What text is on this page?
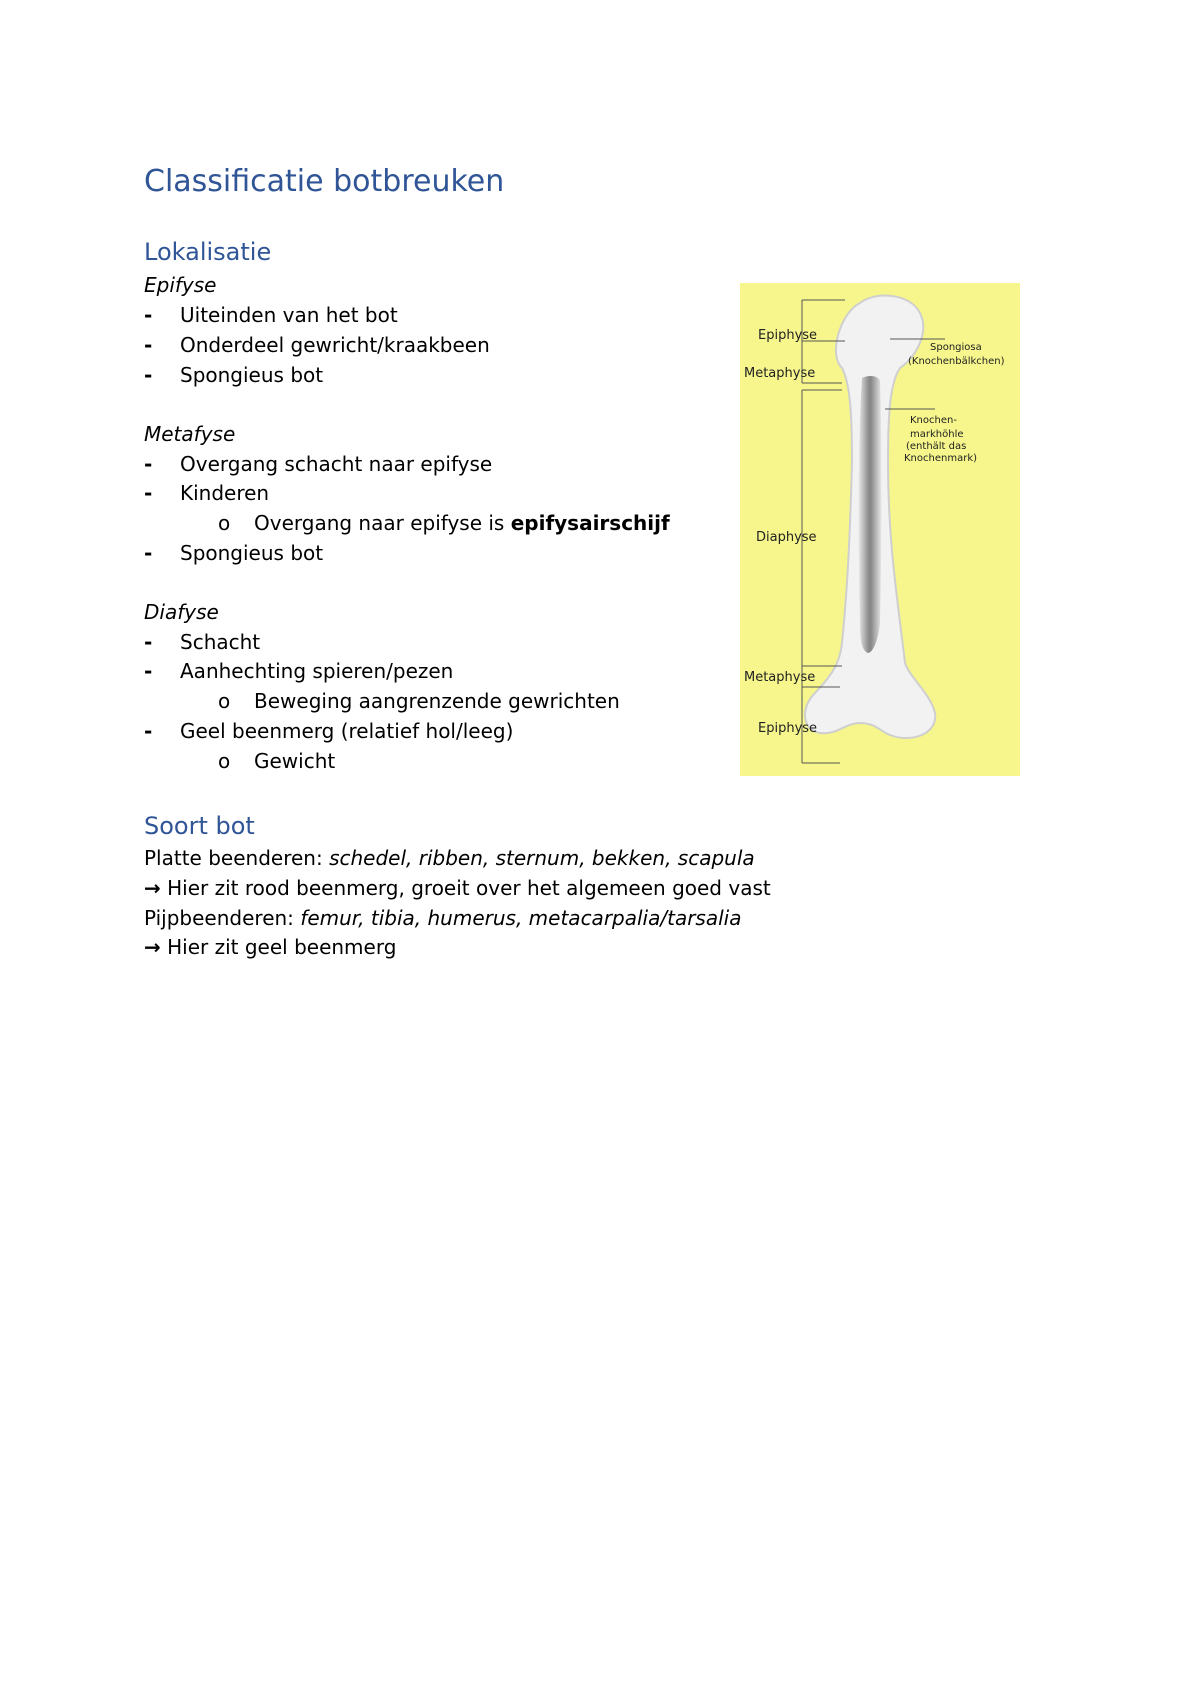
Classificatie botbreuken
Lokalisatie
Epifyse
-	Uiteinden van het bot
-	Onderdeel gewricht/kraakbeen
-	Spongieus bot
Metafyse
-	Overgang schacht naar epifyse
-	Kinderen
o Overgang naar epifyse is epifysairschijf
-	Spongieus bot
Diafyse
-	Schacht
-	Aanhechting spieren/pezen
o Beweging aangrenzende gewrichten
-	Geel beenmerg (relatief hol/leeg)
o Gewicht
Soort bot
Platte beenderen: schedel, ribben, sternum, bekken, scapula
→ Hier zit rood beenmerg, groeit over het algemeen goed vast
Pijpbeenderen: femur, tibia, humerus, metacarpalia/tarsalia
→ Hier zit geel beenmerg
Epiphyse
Metaphyse
Diaphyse
Metaphyse
Epiphyse
Spongiosa
(Knochenbälkchen)
Knochen-
markhöhle
(enthält das
Knochenmark)
